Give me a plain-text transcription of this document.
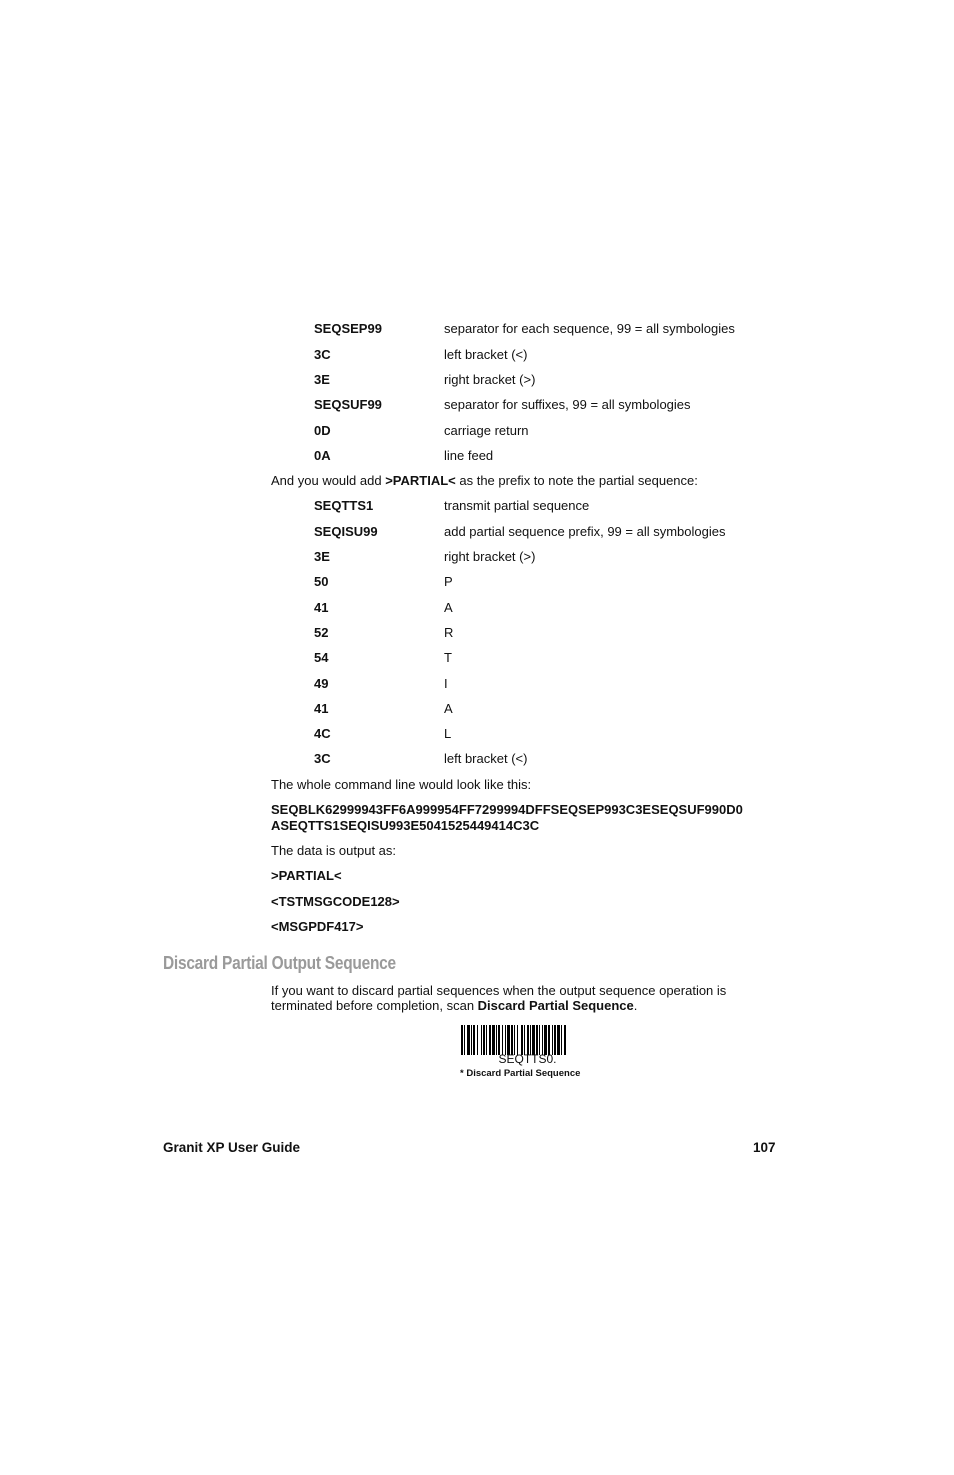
SEQSEP99	separator for each sequence, 99 = all symbologies
3C	left bracket (<)
3E	right bracket (>)
SEQSUF99	separator for suffixes, 99 = all symbologies
0D	carriage return
0A	line feed
And you would add >PARTIAL< as the prefix to note the partial sequence:
SEQTTS1	transmit partial sequence
SEQISU99	add partial sequence prefix, 99 = all symbologies
3E	right bracket (>)
50	P
41	A
52	R
54	T
49	I
41	A
4C	L
3C	left bracket (<)
The whole command line would look like this:
SEQBLK62999943FF6A999954FF7299994DFFSEQSEP993C3ESEQSUF990D0
ASEQTTS1SEQISU993E5041525449414C3C
The data is output as:
>PARTIAL<
<TSTMSGCODE128>
<MSGPDF417>
Discard Partial Output Sequence
If you want to discard partial sequences when the output sequence operation is
terminated before completion, scan Discard Partial Sequence.
SEQTTS0.
* Discard Partial Sequence
Granit XP User Guide	107
